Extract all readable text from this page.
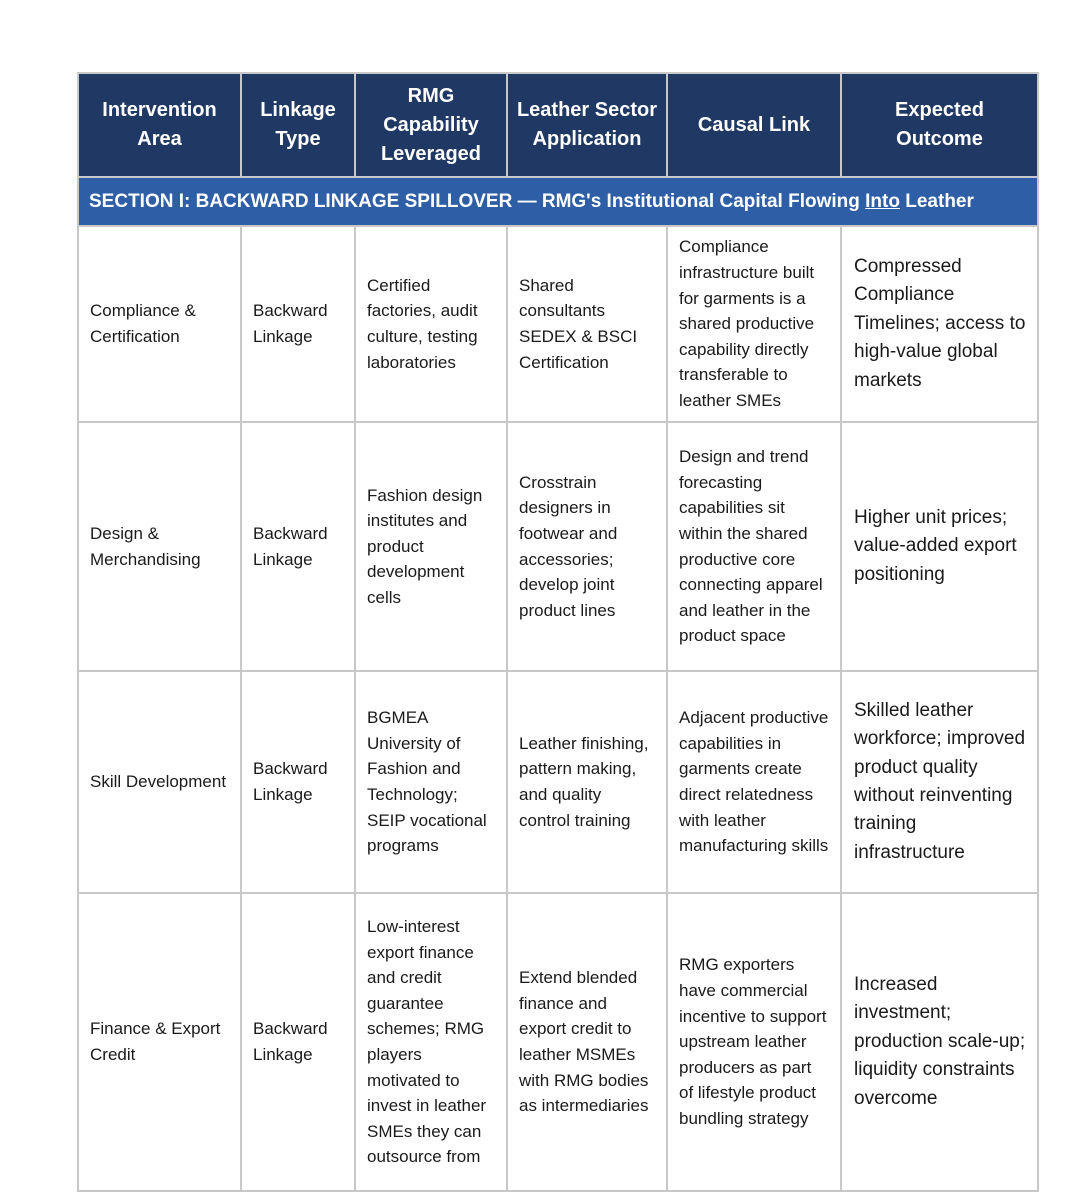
Intervention Area	Linkage Type	RMG Capability Leveraged	Leather Sector Application	Causal Link	Expected Outcome
SECTION I: BACKWARD LINKAGE SPILLOVER — RMG's Institutional Capital Flowing Into Leather					
Compliance & Certification	Backward Linkage	Certified factories, audit culture, testing laboratories	Shared consultants SEDEX & BSCI Certification	Compliance infrastructure built for garments is a shared productive capability directly transferable to leather SMEs	Compressed Compliance Timelines; access to high-value global markets
Design & Merchandising	Backward Linkage	Fashion design institutes and product development cells	Crosstrain designers in footwear and accessories; develop joint product lines	Design and trend forecasting capabilities sit within the shared productive core connecting apparel and leather in the product space	Higher unit prices; value-added export positioning
Skill Development	Backward Linkage	BGMEA University of Fashion and Technology; SEIP vocational programs	Leather finishing, pattern making, and quality control training	Adjacent productive capabilities in garments create direct relatedness with leather manufacturing skills	Skilled leather workforce; improved product quality without reinventing training infrastructure
Finance & Export Credit	Backward Linkage	Low-interest export finance and credit guarantee schemes; RMG players motivated to invest in leather SMEs they can outsource from	Extend blended finance and export credit to leather MSMEs with RMG bodies as intermediaries	RMG exporters have commercial incentive to support upstream leather producers as part of lifestyle product bundling strategy	Increased investment; production scale-up; liquidity constraints overcome
